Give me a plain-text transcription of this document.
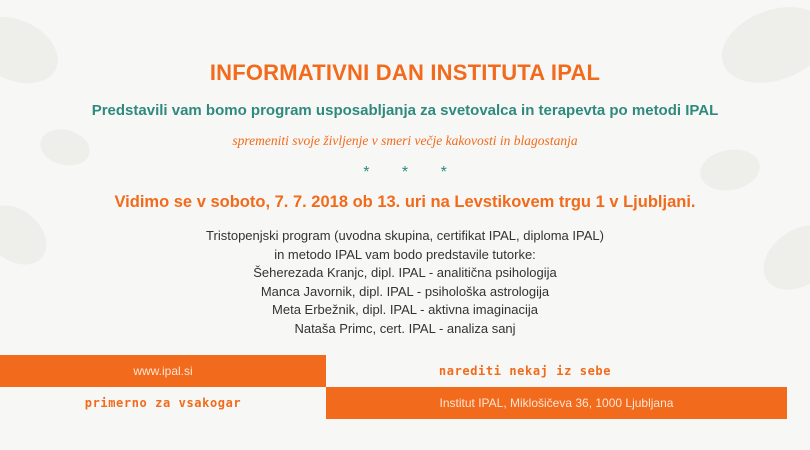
INFORMATIVNI DAN INSTITUTA IPAL
Predstavili vam bomo program usposabljanja za svetovalca in terapevta po metodi IPAL
spremeniti svoje življenje v smeri večje kakovosti in blagostanja
* * *
Vidimo se v soboto, 7. 7. 2018 ob 13. uri na Levstikovem trgu 1 v Ljubljani.
Tristopenjski program (uvodna skupina, certifikat IPAL, diploma IPAL)
in metodo IPAL vam bodo predstavile tutorke:
Šeherezada Kranjc, dipl. IPAL - analitična psihologija
Manca Javornik, dipl. IPAL - psihološka astrologija
Meta Erbežnik, dipl. IPAL - aktivna imaginacija
Nataša Primc, cert. IPAL - analiza sanj
www.ipal.si	narediti nekaj iz sebe
primerno za vsakogar	Institut IPAL, Miklošičeva 36, 1000 Ljubljana
